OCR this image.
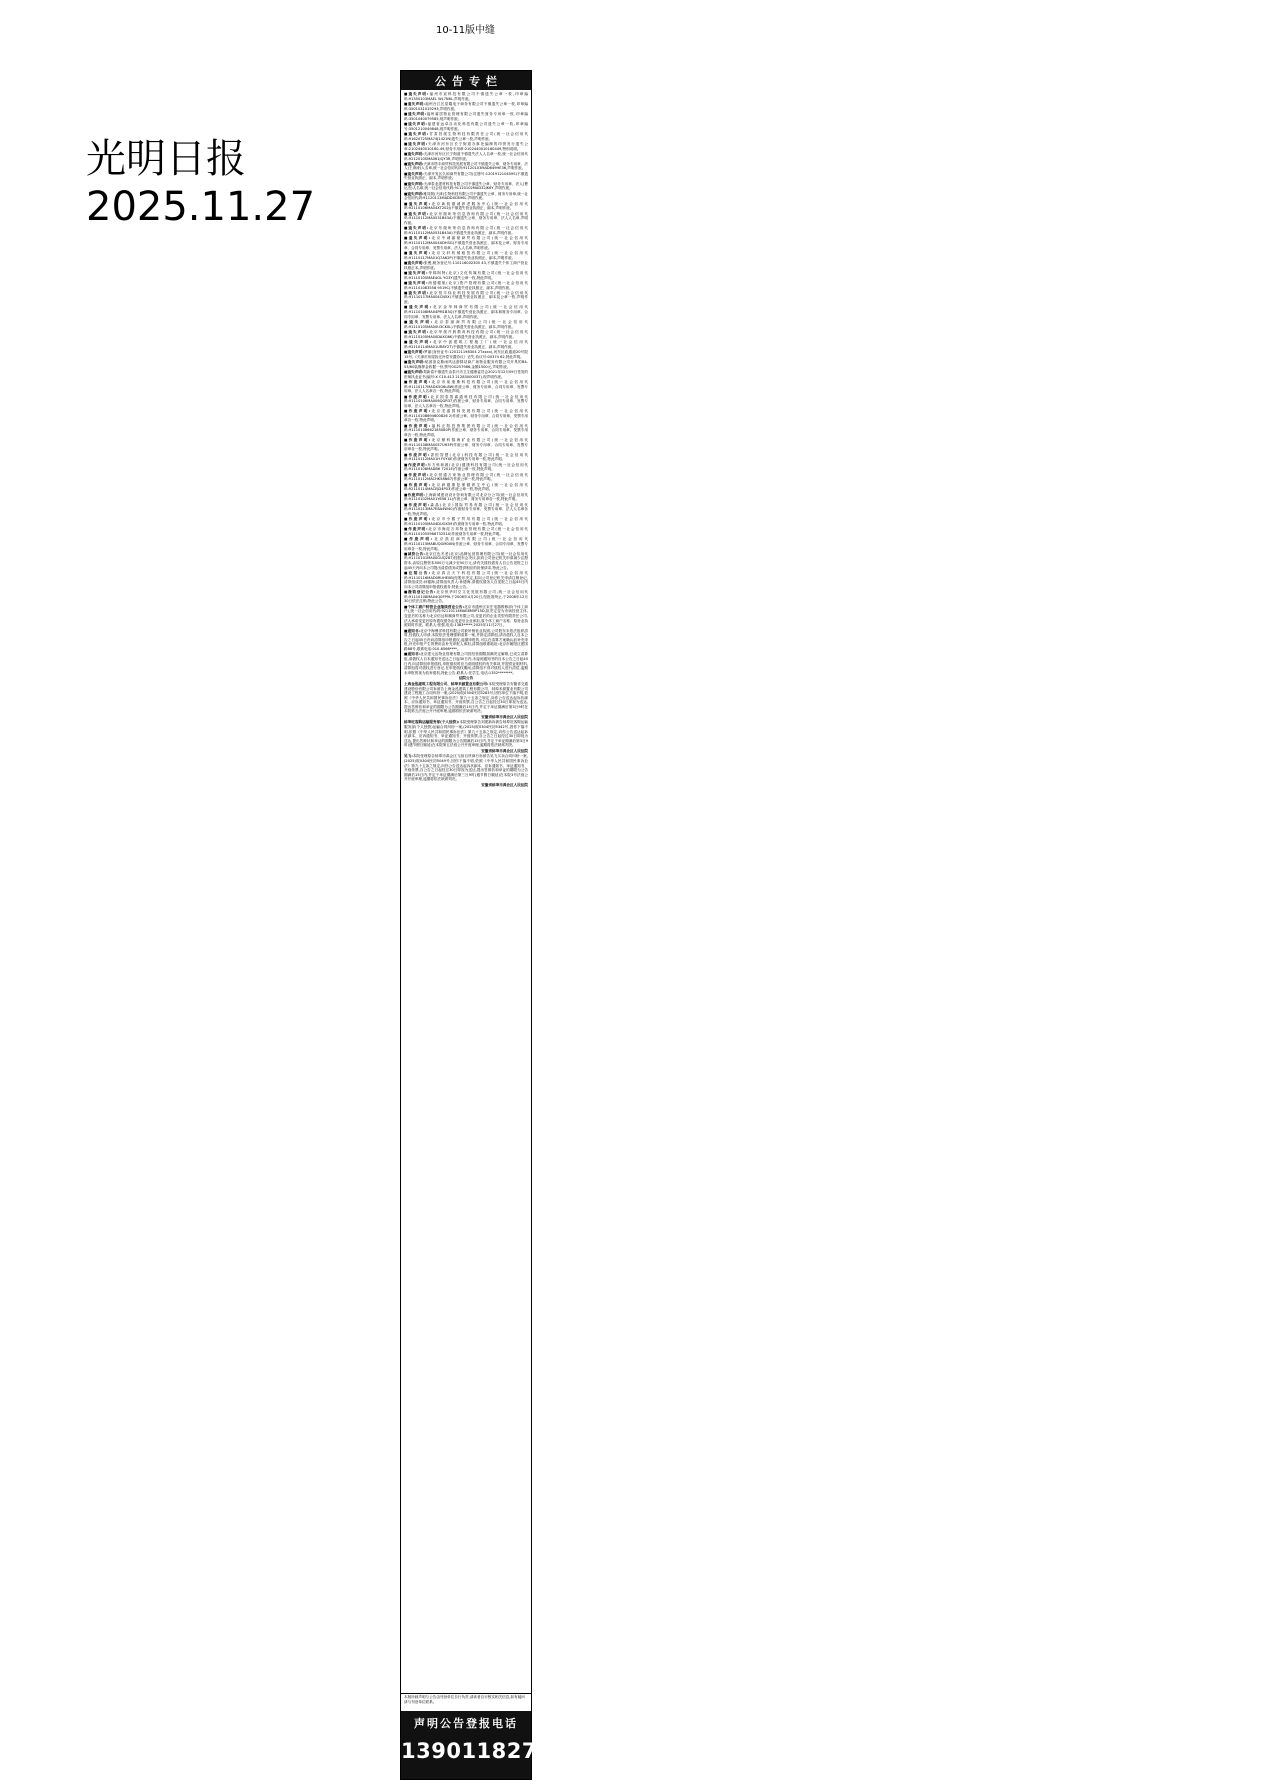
10-11版中缝
光明日报
2025.11.27
公告专栏
■遗失声明:福州市宸科技有限公司不慎遗失公章一枚,印章编码:91350103MAEL WL7N6L,声明作废。
■遗失声明:福州台江区星耀电子商务有限公司不慎遗失公章一枚,印章编码:3501031019293,声明作废。
■遗失声明:福州睿居物业管理有限公司遗失财务专用章一枚,印章编码:3501040079585,现声明作废。
■遗失声明:福建省远卓自动化科技有限公司遗失公章一枚,印章编号:3501210049848,现声明作废。
■遗失声明:甘肃昌晟生物科技有限责任公司(统一社会信用代码:91620725MA74J1421N)遗失公章一枚,声明作废。
■遗失声明:天津市河东区长宁街道办事处编制的印资发行遗失公章:2102440010160-49,财务专用章:2102440010160449,特别说明。
■遗失声明:天津市河东区长宁街道不慎遗失法人人名章一枚,统一社会信用代码:9212010SMA061JQY3R,声明作废。
■遗失声明:天津市塔丰商贸科技发展有限公司不慎遗失公章、财务专用章、法人(王涛涛)人名章,统一社会信用代码:91120103MAD649HE36,声明作废。
■遗失声明:天津开发区久和商贸有限公司(注册号:120191210459S)不慎遗失营业执照正、副本,声明作废。
■遗失声明:天津泰业建材科技有限公司不慎遗失公章、财务专用章、法人(曹运杰)人名章,统一社会信用代码:91120102MAD32JK6Y,声明作废。
■遗失声明:雅同娱(天津)生物科技有限公司不慎遗失公章、财务专用章,统一社会信用代码:91120113MADDXC8H6L,声明作废。
■遗失声明:北京新锐德诚养老服务中心(统一社会信用代码:92110106MA04XT202J)不慎遗失营业执照正、副本,声明作废。
■遗失声明:北京东瑞昕荣信息咨询有限公司(统一社会信用代码:91110112MA0531B43A)不慎遗失公章、财务专用章、法人人名章,声明作废。
■遗失声明:北京东瑞昕荣信息咨询有限公司(统一社会信用代码:91110112MA0531B43A)不慎遗失营业执照正、副本,声明作废。
■遗失声明:北京中诚嘉豪商贸有限公司(统一社会信用代码:91110112MA004XDH3G)不慎遗失营业执照正、副本及公章、财务专用章、合同专用章、发票专用章、法人人名章,声明作废。
■遗失声明:北京文轩机械租赁有限公司(统一社会信用代码:91110117MA01Q7A62P)不慎遗失营业执照正、副本,声明作废。
■遗失声明:张俊,税务登记号:110116002305 43,不慎遗失个体工商户营业执照正本,声明作废。
■遗失声明:华锦阿特(北京)文化传媒有限公司(统一社会信用代码:91110105MAE4GL YG3Y)遗失公章一枚,特此声明。
■遗失声明:尚德健航(北京)资产管理有限公司(统一社会信用代码:911101083558 9519C)不慎遗失营业执照正、副本,声明作废。
■遗失声明:北京恒丰伟业科技发展有限公司(统一社会信用代码:91110117MA004CN5X)不慎遗失营业执照正、副本及公章一枚,声明作废。
■遗失声明:北京金华林商贸有限公司(统一社会信用代码:91110108MA04PM1B3Q)不慎遗失营业执照正、副本和财务专用章、合同专用章、发票专用章、法人人名章,声明作废。
■遗失声明:北京泰丽商贸有限公司(统一社会信用代码:91110105MA00U3CK0L)不慎遗失营业执照正、副本,声明作废。
■遗失声明:北京华晟开晨教育科技有限公司(统一社会信用代码:91110105MA00DAXG6K)不慎遗失营业执照正、副本,声明作废。
■遗失声明:北京中创建筑工程施工厂(统一社会信用代码:92110114MA01UR8Y2T)不慎遗失营业执照正、副本,声明作废。
■遗失声明:罗丽(身份证号:120121198304 2Txxxx),河东区政通道20号院15号,《天津市房屋拆迁补偿安置协议》丢失,协议号:00374 62,特此声明。
■遗失声明:贴滨洛克斯雨风达游驿站商广场物业服务有限公司开具的B4-53/60装修押金收据一份,票号0G257986,金额1500元,声明作废。
■遗失声明:郑新春不慎遗失由泰兴市卫生健康委员会2021年12月09日签发的医师执业证书(编号:X C10-413 21283000037),现声明作废。
■作废声明:北京市前迪斯科技有限公司(统一社会信用代码:91110117MADX5G6L8W)作废公章、财务专用章、合同专用章、发票专用章、法人人名章各一枚,特此声明。
■作废声明:北京国泰智睿通科技有限公司(统一社会信用代码:91110106MA006QGR37)作废公章、财务专用章、合同专用章、发票专用章、法人人名章各一枚,特此声明。
■作废声明:北京龙盛园林发展有限公司(统一社会信用代码:91110108694600826 2)作废公章、财务专用章、合同专用章、发票专用章各一枚,特此声明。
■作废声明:福科正阳投资集团有限公司(统一社会信用代码:91110108662185080P)作废公章、财务专用章、合同专用章、发票专用章各一枚,特此声明。
■作废声明:北京鼎科锦海矿业有限公司(统一社会信用代码:91110108MA0057UH3P)作废公章、财务专用章、合同专用章、发票专用章各一枚,特此声明。
■作废声明:香恒智慧(北京)科技有限公司(统一社会信用代码:91110112MA01H F0YXE)作废财务专用章一枚,特此声明。
■作废声明:东方科和源(北京)健康科技有限公司(统一社会信用代码:91110108MADB6 7201E)作废公章一枚,特此声明。
■作废声明:北京恒通万家物业管理有限公司(统一社会信用代码:91110112MACHK58N67)作废公章一枚,特此声明。
■作废声明:北京润德康复保健养生中心(统一社会信用代码:92110114MACEJD4P03)作废公章一枚,特此声明。
■作废声明:上海新城建设设计咨询有限公司北京分公司(统一社会信用代码:91110102MA01Y658 1L)作废公章、财务专用章各一枚,特此声明。
■作废声明:森晶(北京)国际贸易有限公司(统一社会信用代码:91110113MA7E8A4W40)作废财务专用章、发票专用章、法人人名章各一枚,特此声明。
■作废声明:北京巾小猴子贸易有限公司(统一社会信用代码:91110105MA04DUGX59)作废财务专用章一枚,特此声明。
■作废声明:北京市海淀万邦物业管理有限公司(统一社会信用代码:91110105596673251X)作废财务专用章一枚,特此声明。
■作废声明:北京凯辰商贸有限公司(统一社会信用代码:91110115MABUQGM0XN)作废公章、财务专用章、合同专用章、发票专用章各一枚,特此声明。
■减资公告:北京红色冬老(北京)品牌运营管理有限公司(统一社会信用代码:91110101MA00GUQ287)经股东会决议,拟向公司登记机关申请减少注册资本,由原注册资本500万元减少至50万元,请有关债权债务人自公告见报之日起45天内向本公司提出清偿债务或提供相应的担保请求,特此公告。
■注销公告:北京真言天下科技有限公司(统一社会信用代码:91110116MAD0RUHE0B)经股东决定,拟向公司登记机关申请注销登记,清算组成员:孙德海,清算组负责人:孙德海,请债权债务人自见报之日起45日内向本公司清算组申报债权债务,特此公告。
■撤销登记公告:北京恒华时空文化发展有限公司,统一社会信用代码:91110108MA04Q0FP9L于2008年4月20日,经批准终止,于2008年12月30日依法注销,特此公告。
■个体工商户转营企业继续营业公告:北京市通州区宋庄电器维修部(个体工商户),统一社会信用代码:92110114MAE8M5P15D,拟决定变为市场经营主体,变更后的名称为北京信达和顺商贸有限公司,变更后的企业类型有限责任公司,法人承诺变更后原有债权债务由变更后企业承担,原个体工商户名称、原营业执照同时作废。联系人:张强,电话:1383*****,2025年11月27日。
■通知书:北京中海博洋科技有限公司被吊销营业执照,公司股东未依法组织清算,经债权人申请,本院依法受理强制清算一案,并指定清算组,请各债权人自本公告之日起45日内向清算组申报债权,逾期申报的,可以在清算方案确认前补充申报,补充申报产生的费用由补充申报人承担,清算组联系地址:北京市朝阳区建国路88号,联系电话:010-6566****。
■通知书:北京建元达物业管理有限公司因经营期限届满决定解散,已成立清算组,请债权人自本通知书送达之日起30日内,未接到通知书的自本公告之日起45日内,向清算组申报债权,申报债权时应当说明债权的有关事项,并提供证明材料,清算组将对债权进行登记,在申报债权期间,清算组不得对债权人进行清偿,逾期未申报的视为放弃债权,特此公告,联系人:任学生,电话:1352********。
法院公告
上海金泓建筑工程有限公司、蚌埠禾源置业有限公司:本院受理原告安徽省交通建设股份有限公司诉被告上海金泓建筑工程有限公司、蚌埠禾源置业有限公司建设工程施工合同纠纷一案,(2025)皖0304民初3283号,因你单位下落不明,依照《中华人民共和国民事诉讼法》第九十五条之规定,向你公告送达起诉状副本、应诉通知书、举证通知书、开庭传票,自公告之日起经过30日即视为送达,提出答辩状和举证的期限为公告期满后15日内,并定于举证期满后第3日9时在本院第五法庭公开开庭审理,逾期将依法缺席判决。
安徽省蚌埠市禹会区人民法院
蚌埠旺客购运输服务部(个人独资):本院受理原告刘建新诉被告蚌埠旺客购运输服务部(个人独资)运输合同纠纷一案,(2025)皖0304民初5342号,因你下落不明,依照《中华人民共和国民事诉讼法》第九十五条之规定,向你公告送达起诉状副本、应诉通知书、举证通知书、开庭传票,自公告之日起经过30日即视为送达,提出答辩状和举证的期限为公告期满后15日内,并定于举证期满后第3日9时(遇节假日顺延)在本院第五法庭公开开庭审理,逾期将依法缺席判决。
安徽省蚌埠市禹会区人民法院
吴飞:本院受理原告蚌埠市禹会区飞扬百货商行诉被告吴飞买卖合同纠纷一案,(2025)皖0304民初5049号,因你下落不明,依照《中华人民共和国民事诉讼法》第九十五条之规定,向你公告送达起诉状副本、应诉通知书、举证通知书、开庭传票,自公告之日起经过30日即视为送达,提出答辩状和举证的期限为公告期满后15日内,并定于举证期满后第三日9时(遇节假日顺延)在本院3号法庭公开开庭审理,逾期将依法缺席判决。
安徽省蚌埠市禹会区人民法院
本版所载声明与公告由刊登单位自行负责,请读者自行核实相关信息,如有疑问请与刊登单位联系。
声明公告登报电话
13901182789
